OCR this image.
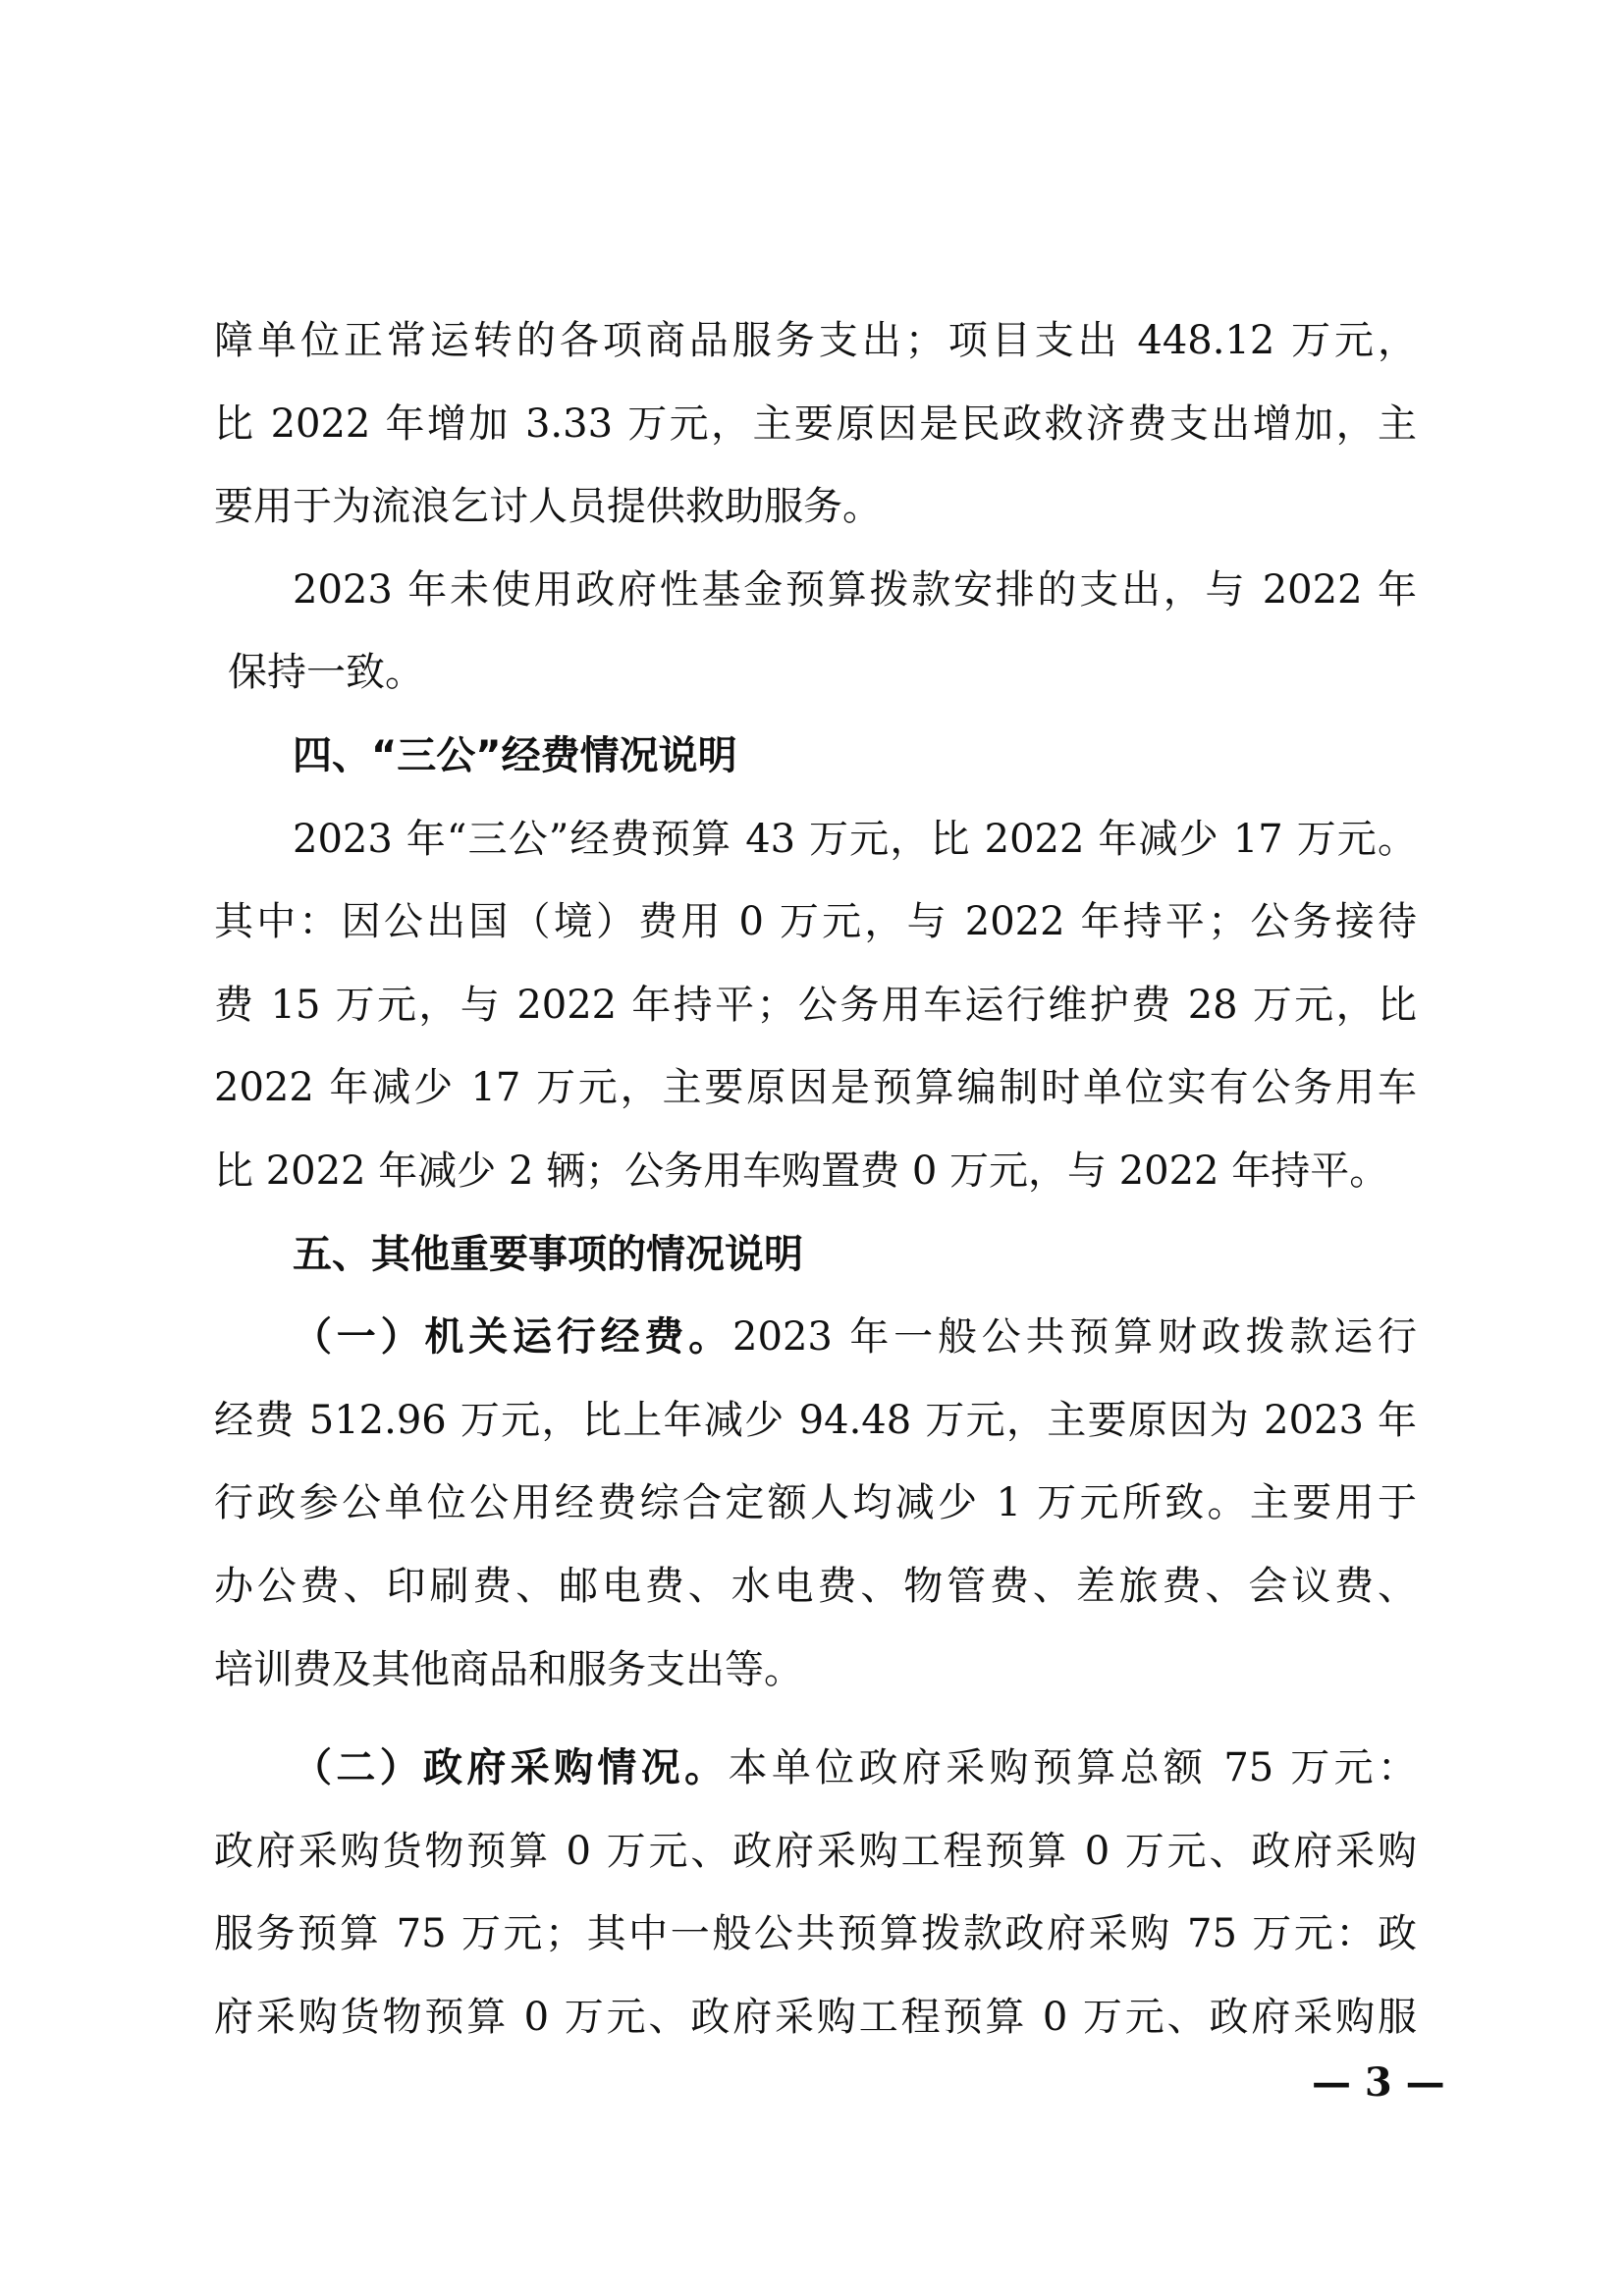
障单位正常运转的各项商品服务支出；项目支出 448.12 万元，
比 2022 年增加 3.33 万元，主要原因是民政救济费支出增加，主
要用于为流浪乞讨人员提供救助服务。
2023 年未使用政府性基金预算拨款安排的支出，与 2022 年
保持一致。
四、“三公”经费情况说明
2023 年“三公”经费预算 43 万元，比 2022 年减少 17 万元。
其中：因公出国（境）费用 0 万元，与 2022 年持平；公务接待
费 15 万元，与 2022 年持平；公务用车运行维护费 28 万元，比
2022 年减少 17 万元，主要原因是预算编制时单位实有公务用车
比 2022 年减少 2 辆；公务用车购置费 0 万元，与 2022 年持平。
五、其他重要事项的情况说明
（一）机关运行经费。2023 年一般公共预算财政拨款运行
经费 512.96 万元，比上年减少 94.48 万元，主要原因为 2023 年
行政参公单位公用经费综合定额人均减少 1 万元所致。主要用于
办公费、印刷费、邮电费、水电费、物管费、差旅费、会议费、
培训费及其他商品和服务支出等。
（二）政府采购情况。本单位政府采购预算总额 75 万元：
政府采购货物预算 0 万元、政府采购工程预算 0 万元、政府采购
服务预算 75 万元；其中一般公共预算拨款政府采购 75 万元：政
府采购货物预算 0 万元、政府采购工程预算 0 万元、政府采购服
— 3 —
